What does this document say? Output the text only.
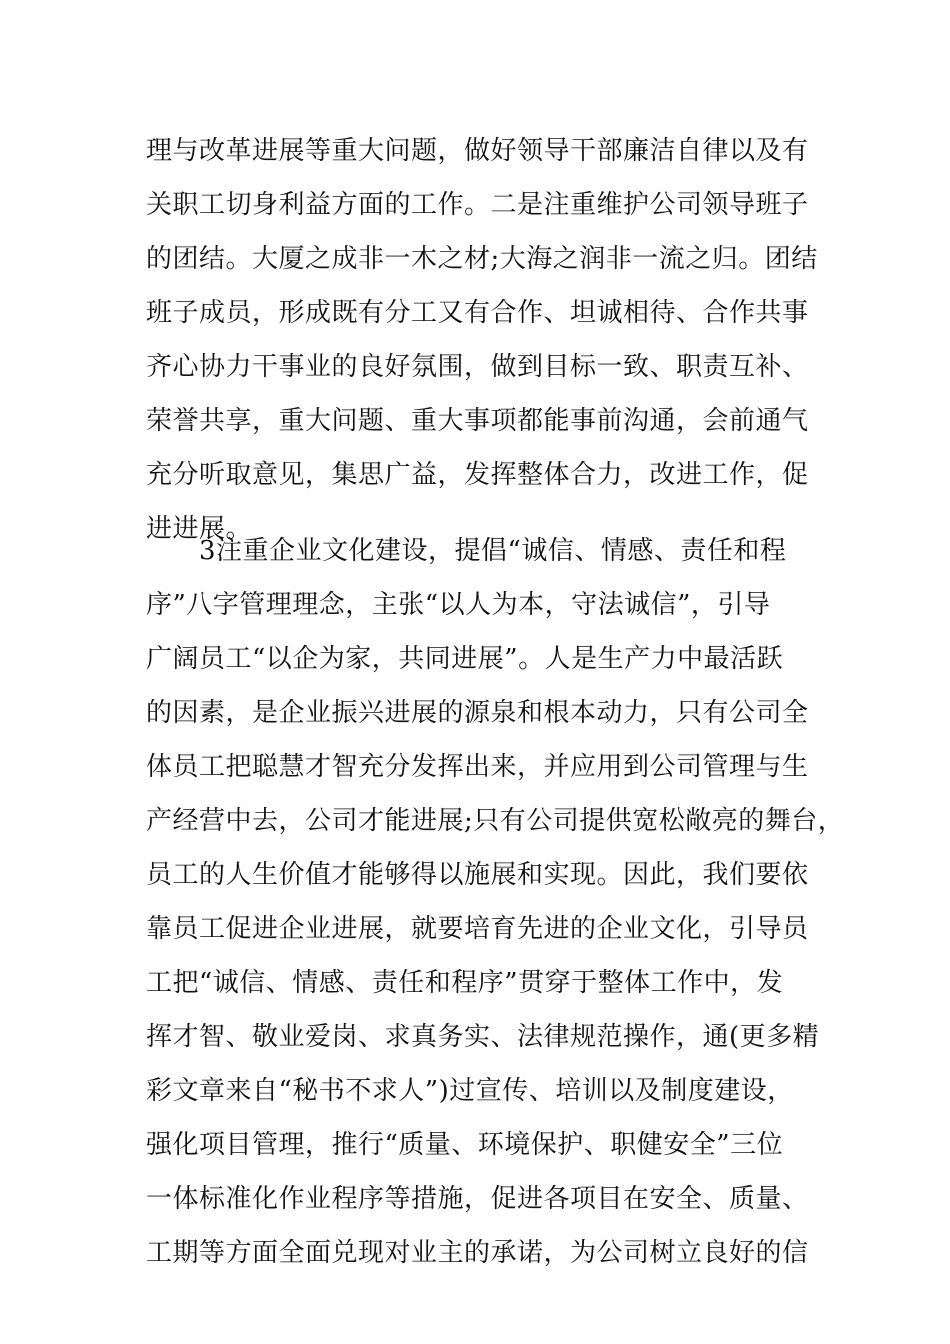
理与改革进展等重大问题，做好领导干部廉洁自律以及有
关职工切身利益方面的工作。二是注重维护公司领导班子
的团结。大厦之成非一木之材;大海之润非一流之归。团结
班子成员，形成既有分工又有合作、坦诚相待、合作共事
齐心协力干事业的良好氛围，做到目标一致、职责互补、
荣誉共享，重大问题、重大事项都能事前沟通，会前通气
充分听取意见，集思广益，发挥整体合力，改进工作，促
进进展。
　　3注重企业文化建设，提倡“诚信、情感、责任和程
序”八字管理理念，主张“以人为本，守法诚信”，引导
广阔员工“以企为家，共同进展”。人是生产力中最活跃
的因素，是企业振兴进展的源泉和根本动力，只有公司全
体员工把聪慧才智充分发挥出来，并应用到公司管理与生
产经营中去，公司才能进展;只有公司提供宽松敞亮的舞台，
员工的人生价值才能够得以施展和实现。因此，我们要依
靠员工促进企业进展，就要培育先进的企业文化，引导员
工把“诚信、情感、责任和程序”贯穿于整体工作中，发
挥才智、敬业爱岗、求真务实、法律规范操作，通(更多精
彩文章来自“秘书不求人”)过宣传、培训以及制度建设，
强化项目管理，推行“质量、环境保护、职健安全”三位
一体标准化作业程序等措施，促进各项目在安全、质量、
工期等方面全面兑现对业主的承诺，为公司树立良好的信
